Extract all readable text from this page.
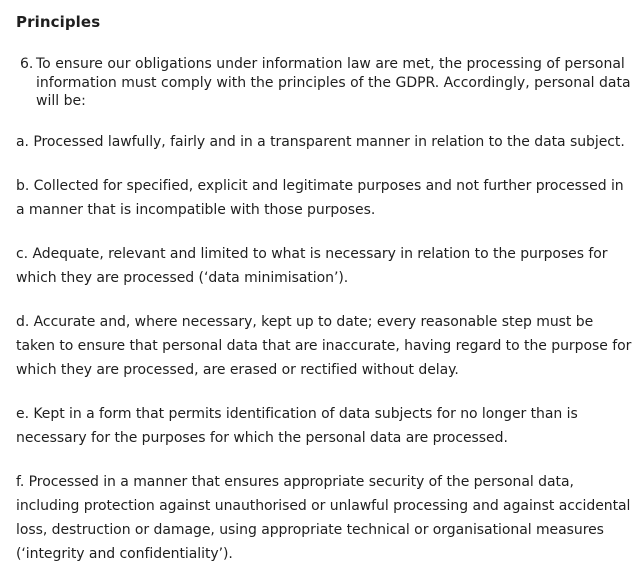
Principles
6. To ensure our obligations under information law are met, the processing of personal information must comply with the principles of the GDPR. Accordingly, personal data will be:

a. Processed lawfully, fairly and in a transparent manner in relation to the data subject.

b. Collected for specified, explicit and legitimate purposes and not further processed in a manner that is incompatible with those purposes.

c. Adequate, relevant and limited to what is necessary in relation to the purposes for which they are processed (‘data minimisation’).

d. Accurate and, where necessary, kept up to date; every reasonable step must be taken to ensure that personal data that are inaccurate, having regard to the purpose for which they are processed, are erased or rectified without delay.

e. Kept in a form that permits identification of data subjects for no longer than is necessary for the purposes for which the personal data are processed.

f. Processed in a manner that ensures appropriate security of the personal data, including protection against unauthorised or unlawful processing and against accidental loss, destruction or damage, using appropriate technical or organisational measures (‘integrity and confidentiality’).
